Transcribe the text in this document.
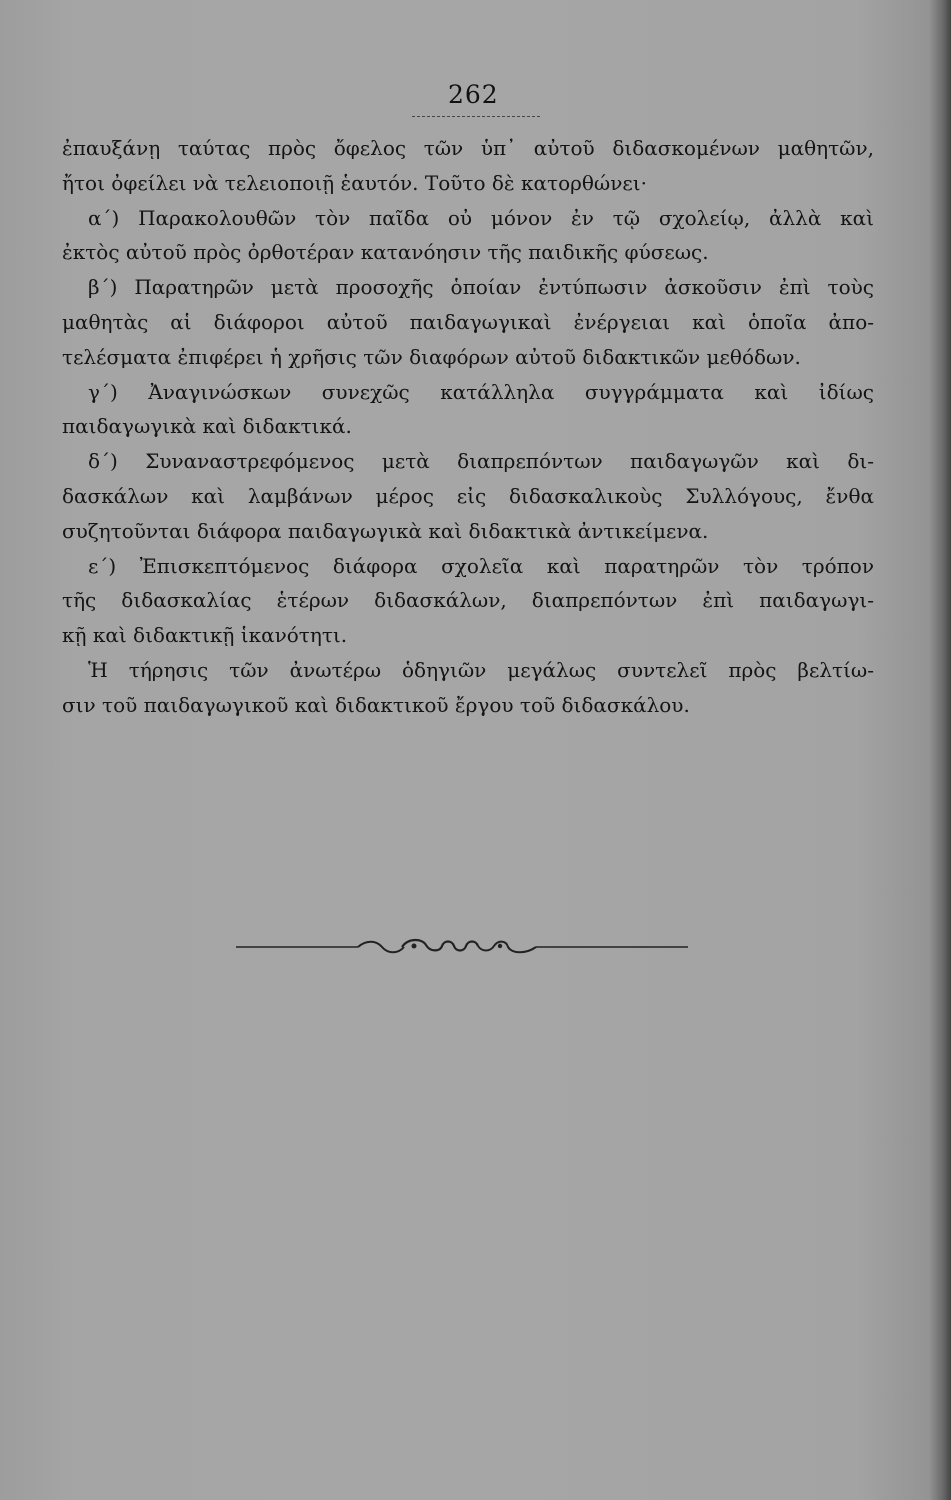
262
ἐπαυξάνῃ ταύτας πρὸς ὄφελος τῶν ὑπ᾽ αὐτοῦ διδασκομένων μαθητῶν,
ἤτοι ὀφείλει νὰ τελειοποιῇ ἑαυτόν. Τοῦτο δὲ κατορθώνει·
α΄) Παρακολουθῶν τὸν παῖδα οὐ μόνον ἐν τῷ σχολείῳ, ἀλλὰ καὶ
ἐκτὸς αὐτοῦ πρὸς ὀρθοτέραν κατανόησιν τῆς παιδικῆς φύσεως.
β΄) Παρατηρῶν μετὰ προσοχῆς ὁποίαν ἐντύπωσιν ἀσκοῦσιν ἐπὶ τοὺς
μαθητὰς αἱ διάφοροι αὐτοῦ παιδαγωγικαὶ ἐνέργειαι καὶ ὁποῖα ἀπο-
τελέσματα ἐπιφέρει ἡ χρῆσις τῶν διαφόρων αὐτοῦ διδακτικῶν μεθόδων.
γ΄) Ἀναγινώσκων συνεχῶς κατάλληλα συγγράμματα καὶ ἰδίως
παιδαγωγικὰ καὶ διδακτικά.
δ΄) Συναναστρεφόμενος μετὰ διαπρεπόντων παιδαγωγῶν καὶ δι-
δασκάλων καὶ λαμβάνων μέρος εἰς διδασκαλικοὺς Συλλόγους, ἔνθα
συζητοῦνται διάφορα παιδαγωγικὰ καὶ διδακτικὰ ἀντικείμενα.
ε΄) Ἐπισκεπτόμενος διάφορα σχολεῖα καὶ παρατηρῶν τὸν τρόπον
τῆς διδασκαλίας ἑτέρων διδασκάλων, διαπρεπόντων ἐπὶ παιδαγωγι-
κῇ καὶ διδακτικῇ ἱκανότητι.
Ἡ τήρησις τῶν ἀνωτέρω ὁδηγιῶν μεγάλως συντελεῖ πρὸς βελτίω-
σιν τοῦ παιδαγωγικοῦ καὶ διδακτικοῦ ἔργου τοῦ διδασκάλου.
